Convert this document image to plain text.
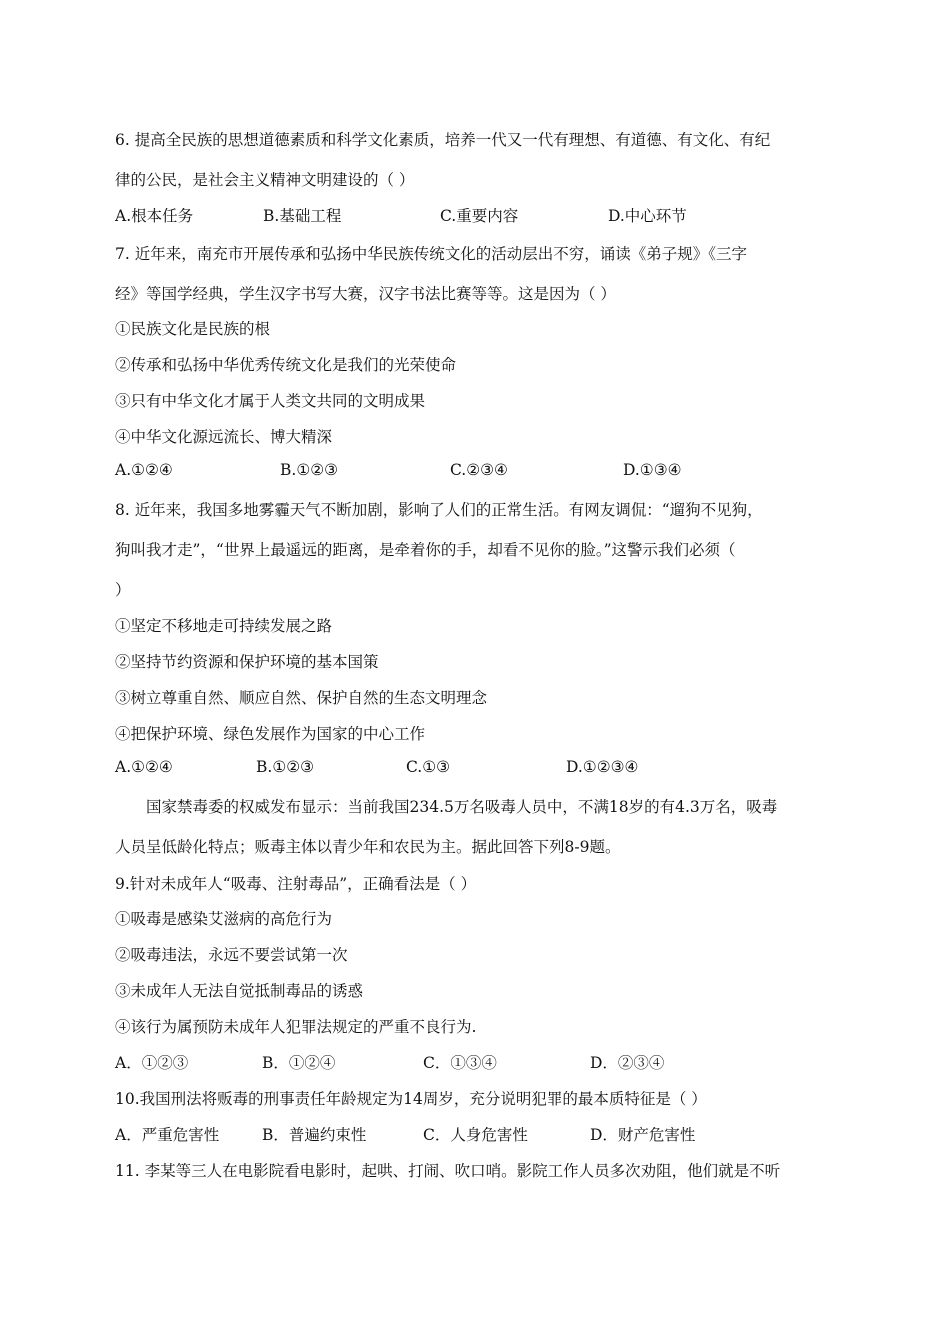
6. 提高全民族的思想道德素质和科学文化素质，培养一代又一代有理想、有道德、有文化、有纪
律的公民，是社会主义精神文明建设的（ ）
A.根本任务	B.基础工程	C.重要内容	D.中心环节
7. 近年来，南充市开展传承和弘扬中华民族传统文化的活动层出不穷，诵读《弟子规》《三字
经》等国学经典，学生汉字书写大赛，汉字书法比赛等等。这是因为（ ）
①民族文化是民族的根
②传承和弘扬中华优秀传统文化是我们的光荣使命
③只有中华文化才属于人类文共同的文明成果
④中华文化源远流长、博大精深
A.①②④	B.①②③	C.②③④	D.①③④
8. 近年来，我国多地雾霾天气不断加剧，影响了人们的正常生活。有网友调侃：“遛狗不见狗，
狗叫我才走”，“世界上最遥远的距离，是牵着你的手，却看不见你的脸。”这警示我们必须（
）
①坚定不移地走可持续发展之路
②坚持节约资源和保护环境的基本国策
③树立尊重自然、顺应自然、保护自然的生态文明理念
④把保护环境、绿色发展作为国家的中心工作
A.①②④	B.①②③	C.①③	D.①②③④
国家禁毒委的权威发布显示：当前我国234.5万名吸毒人员中，不满18岁的有4.3万名，吸毒
人员呈低龄化特点；贩毒主体以青少年和农民为主。据此回答下列8-9题。
9.针对未成年人“吸毒、注射毒品”，正确看法是（ ）
①吸毒是感染艾滋病的高危行为
②吸毒违法，永远不要尝试第一次
③未成年人无法自觉抵制毒品的诱惑
④该行为属预防未成年人犯罪法规定的严重不良行为.
A．①②③	B．①②④	C．①③④	D．②③④
10.我国刑法将贩毒的刑事责任年龄规定为14周岁，充分说明犯罪的最本质特征是（ ）
A．严重危害性	B．普遍约束性	C．人身危害性	D．财产危害性
11. 李某等三人在电影院看电影时，起哄、打闹、吹口哨。影院工作人员多次劝阻，他们就是不听
